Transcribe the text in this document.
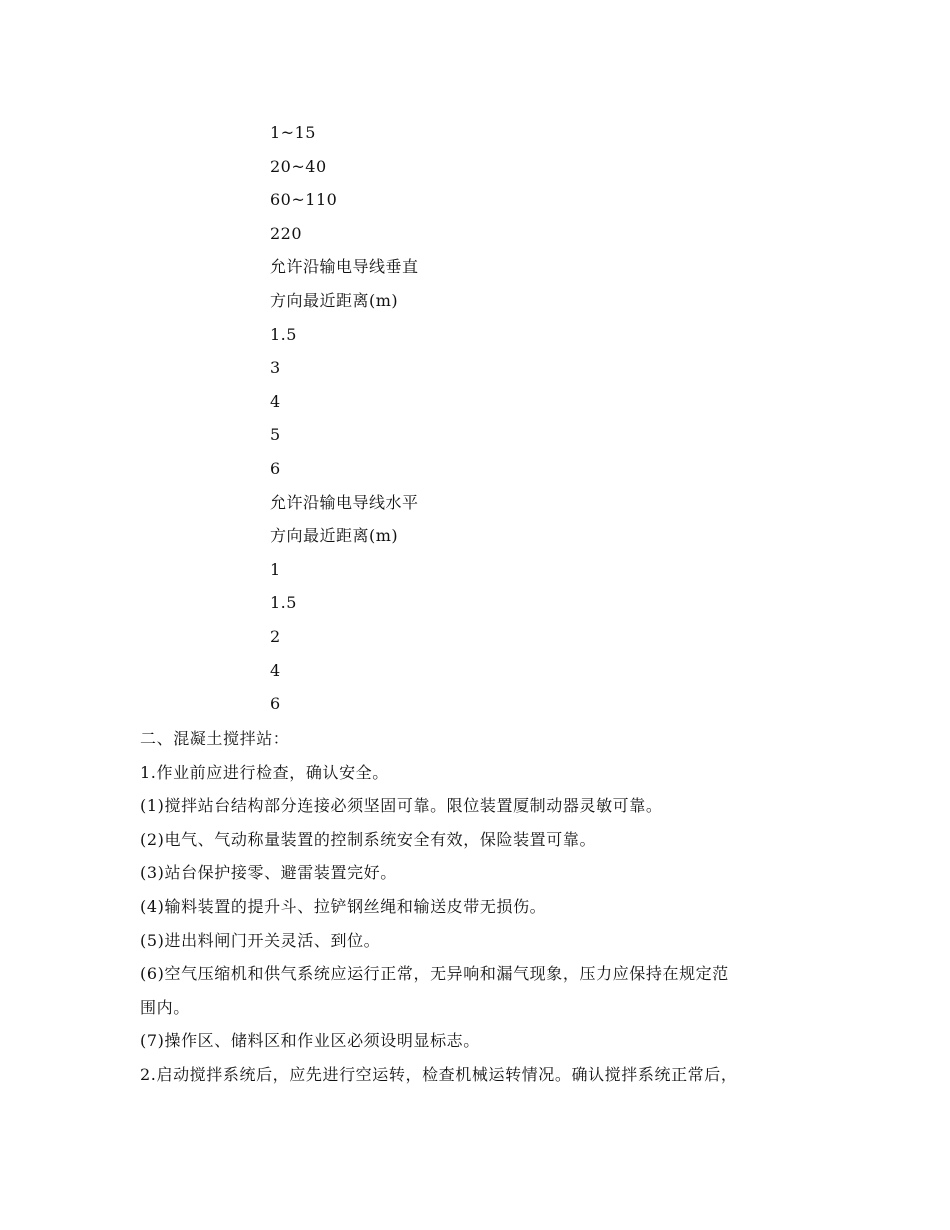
1~15
20~40
60~110
220
允许沿输电导线垂直
方向最近距离(m)
1.5
3
4
5
6
允许沿输电导线水平
方向最近距离(m)
1
1.5
2
4
6
二、混凝土搅拌站：
1.作业前应进行检查，确认安全。
(1)搅拌站台结构部分连接必须坚固可靠。限位装置厦制动器灵敏可靠。
(2)电气、气动称量装置的控制系统安全有效，保险装置可靠。
(3)站台保护接零、避雷装置完好。
(4)输料装置的提升斗、拉铲钢丝绳和输送皮带无损伤。
(5)进出料闸门开关灵活、到位。
(6)空气压缩机和供气系统应运行正常，无异响和漏气现象，压力应保持在规定范
围内。
(7)操作区、储料区和作业区必须设明显标志。
2.启动搅拌系统后，应先进行空运转，检查机械运转情况。确认搅拌系统正常后，
